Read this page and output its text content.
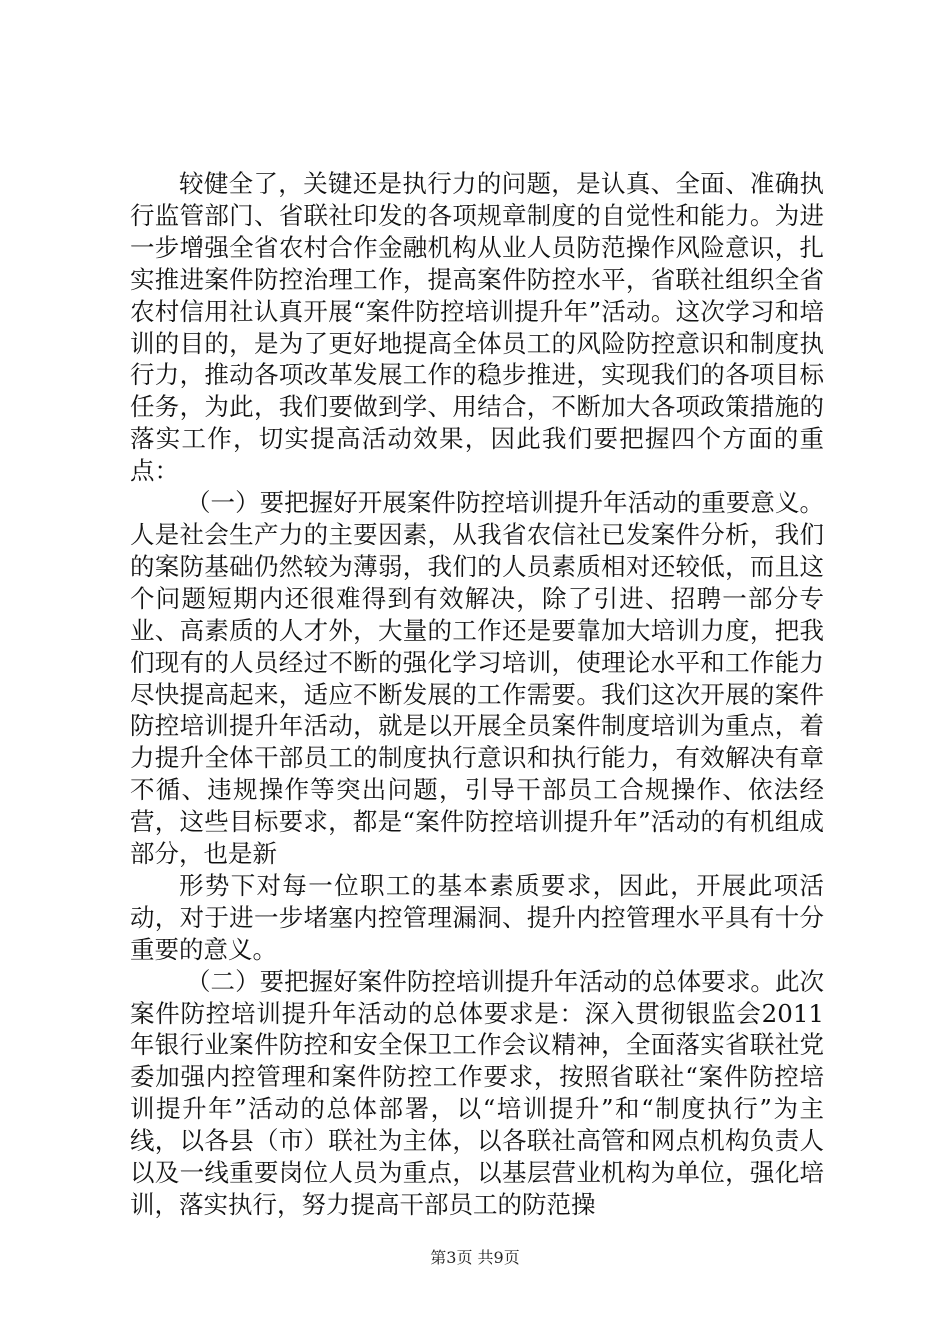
较健全了，关键还是执行力的问题，是认真、全面、准确执行监管部门、省联社印发的各项规章制度的自觉性和能力。为进一步增强全省农村合作金融机构从业人员防范操作风险意识，扎实推进案件防控治理工作，提高案件防控水平，省联社组织全省农村信用社认真开展“案件防控培训提升年”活动。这次学习和培训的目的，是为了更好地提高全体员工的风险防控意识和制度执行力，推动各项改革发展工作的稳步推进，实现我们的各项目标任务，为此，我们要做到学、用结合，不断加大各项政策措施的落实工作，切实提高活动效果，因此我们要把握四个方面的重点：

（一）要把握好开展案件防控培训提升年活动的重要意义。人是社会生产力的主要因素，从我省农信社已发案件分析，我们的案防基础仍然较为薄弱，我们的人员素质相对还较低，而且这个问题短期内还很难得到有效解决，除了引进、招聘一部分专业、高素质的人才外，大量的工作还是要靠加大培训力度，把我们现有的人员经过不断的强化学习培训，使理论水平和工作能力尽快提高起来，适应不断发展的工作需要。我们这次开展的案件防控培训提升年活动，就是以开展全员案件制度培训为重点，着力提升全体干部员工的制度执行意识和执行能力，有效解决有章不循、违规操作等突出问题，引导干部员工合规操作、依法经营，这些目标要求，都是“案件防控培训提升年”活动的有机组成部分，也是新

形势下对每一位职工的基本素质要求，因此，开展此项活动，对于进一步堵塞内控管理漏洞、提升内控管理水平具有十分重要的意义。

（二）要把握好案件防控培训提升年活动的总体要求。此次案件防控培训提升年活动的总体要求是：深入贯彻银监会2011年银行业案件防控和安全保卫工作会议精神，全面落实省联社党委加强内控管理和案件防控工作要求，按照省联社“案件防控培训提升年”活动的总体部署，以“培训提升”和“制度执行”为主线，以各县（市）联社为主体，以各联社高管和网点机构负责人以及一线重要岗位人员为重点，以基层营业机构为单位，强化培训，落实执行，努力提高干部员工的防范操

第3页 共9页
